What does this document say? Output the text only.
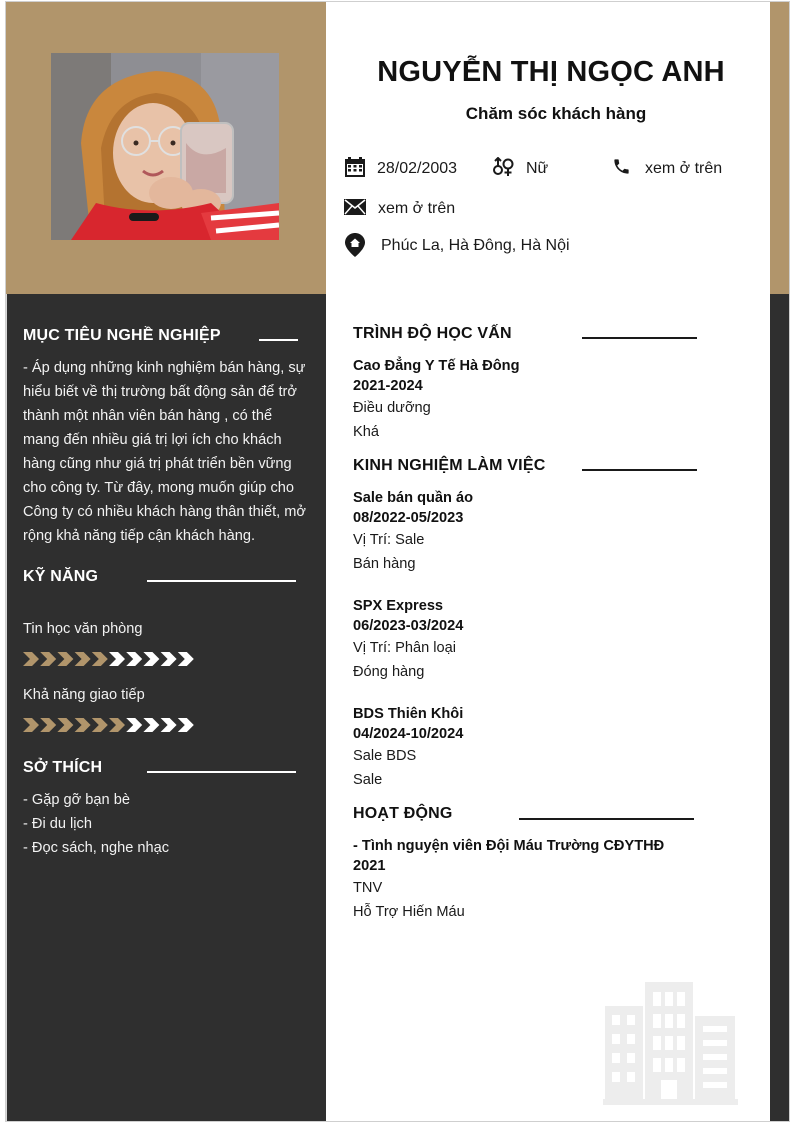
NGUYỄN THỊ NGỌC ANH
Chăm sóc khách hàng
28/02/2003	Nữ	xem ở trên
xem ở trên
Phúc La, Hà Đông, Hà Nội
MỤC TIÊU NGHỀ NGHIỆP
- Áp dụng những kinh nghiệm bán hàng, sự
hiểu biết về thị trường bất động sản để trở
thành một nhân viên bán hàng , có thể
mang đến nhiều giá trị lợi ích cho khách
hàng cũng như giá trị phát triển bền vững
cho công ty. Từ đây, mong muốn giúp cho
Công ty có nhiều khách hàng thân thiết, mở
rộng khả năng tiếp cận khách hàng.
KỸ NĂNG
Tin học văn phòng
Khả năng giao tiếp
SỞ THÍCH
- Gặp gỡ bạn bè
- Đi du lịch
- Đọc sách, nghe nhạc
TRÌNH ĐỘ HỌC VẤN
Cao Đẳng Y Tế Hà Đông
2021-2024
Điều dưỡng
Khá
KINH NGHIỆM LÀM VIỆC
Sale bán quần áo
08/2022-05/2023
Vị Trí: Sale
Bán hàng
SPX Express
06/2023-03/2024
Vị Trí: Phân loại
Đóng hàng
BDS Thiên Khôi
04/2024-10/2024
Sale BDS
Sale
HOẠT ĐỘNG
- Tình nguyện viên Đội Máu Trường CĐYTHĐ
2021
TNV
Hỗ Trợ Hiến Máu
